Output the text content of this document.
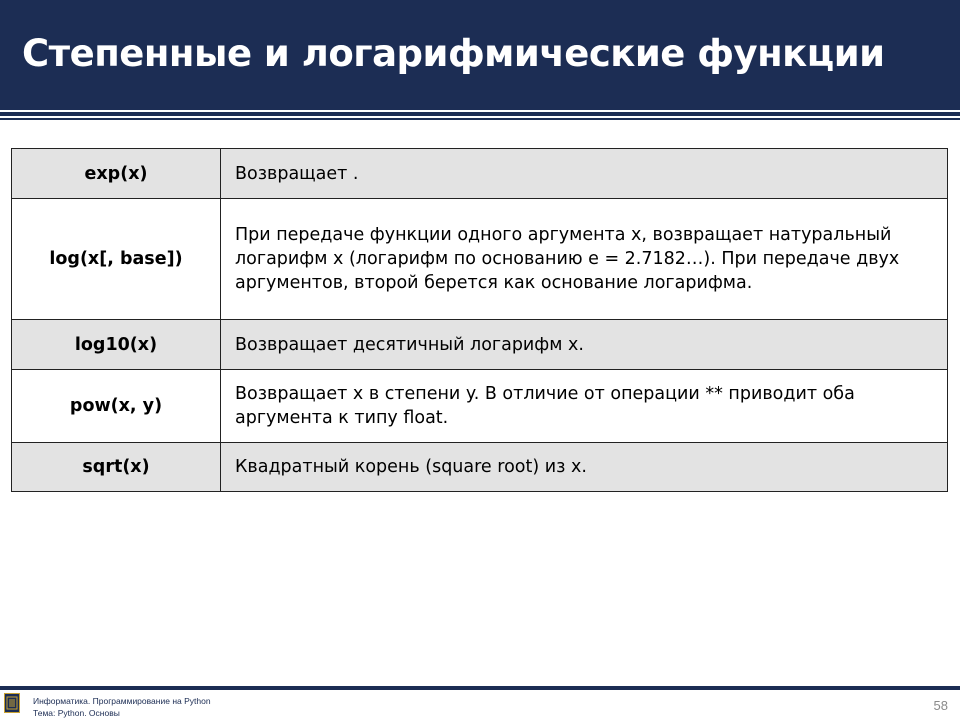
Степенные и логарифмические функции
exp(x)	Возвращает .
log(x[, base])	При передаче функции одного аргумента x, возвращает натуральный логарифм x (логарифм по основанию e = 2.7182…). При передаче двух аргументов, второй берется как основание логарифма.
log10(x)	Возвращает десятичный логарифм x.
pow(x, y)	Возвращает x в степени y. В отличие от операции ** приводит оба аргумента к типу float.
sqrt(x)	Квадратный корень (square root) из x.
Информатика. Программирование на Python
Тема: Python. Основы	58
